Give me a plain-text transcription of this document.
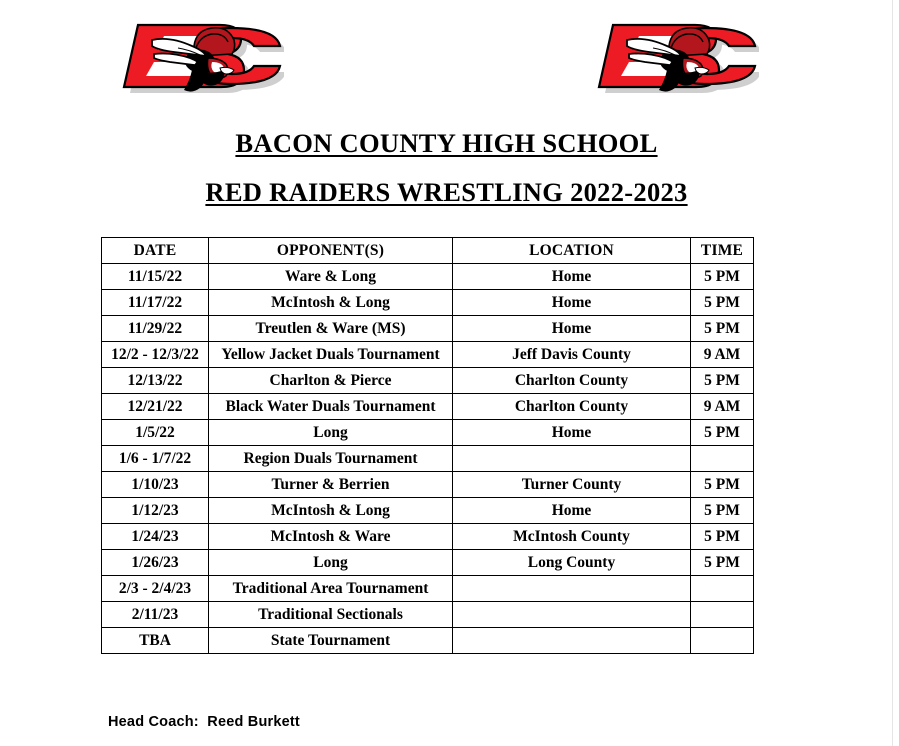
BACON COUNTY HIGH SCHOOL
RED RAIDERS WRESTLING 2022-2023
DATE	OPPONENT(S)	LOCATION	TIME
11/15/22	Ware & Long	Home	5 PM
11/17/22	McIntosh & Long	Home	5 PM
11/29/22	Treutlen & Ware (MS)	Home	5 PM
12/2 - 12/3/22	Yellow Jacket Duals Tournament	Jeff Davis County	9 AM
12/13/22	Charlton & Pierce	Charlton County	5 PM
12/21/22	Black Water Duals Tournament	Charlton County	9 AM
1/5/22	Long	Home	5 PM
1/6 - 1/7/22	Region Duals Tournament		
1/10/23	Turner & Berrien	Turner County	5 PM
1/12/23	McIntosh & Long	Home	5 PM
1/24/23	McIntosh & Ware	McIntosh County	5 PM
1/26/23	Long	Long County	5 PM
2/3 - 2/4/23	Traditional Area Tournament		
2/11/23	Traditional Sectionals		
TBA	State Tournament		
Head Coach:  Reed Burkett
